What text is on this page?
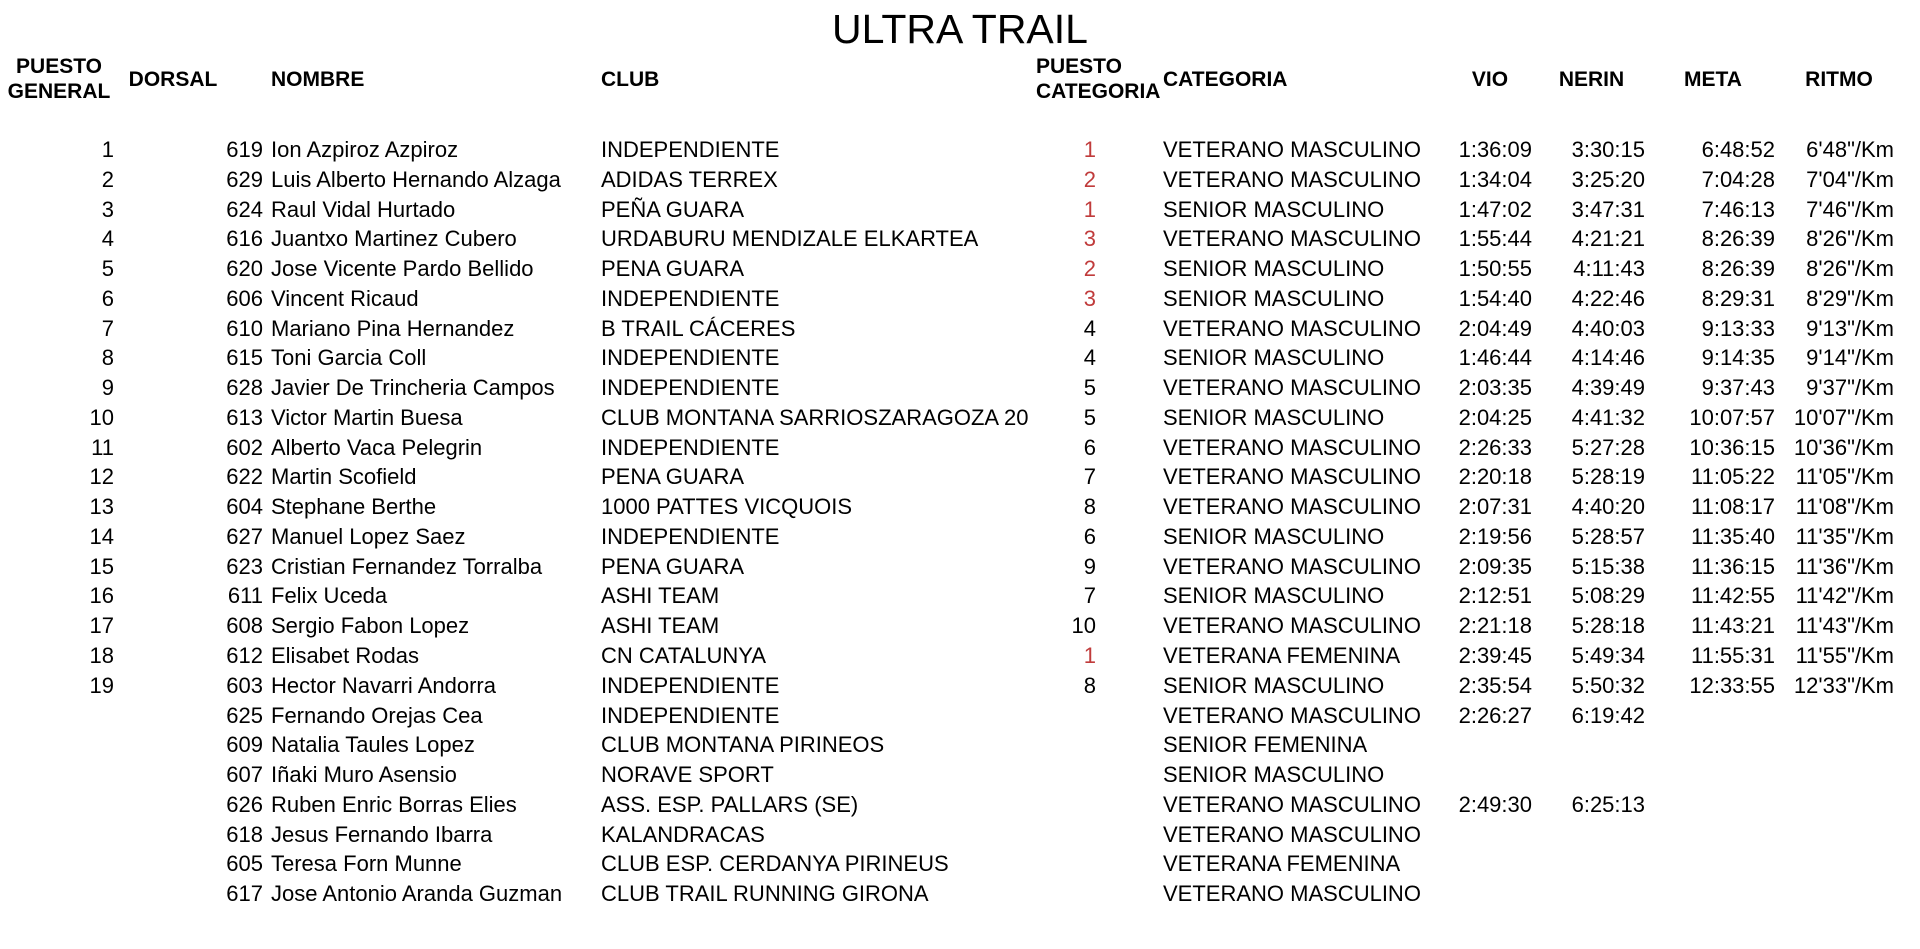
ULTRA TRAIL
PUESTO GENERAL
DORSAL	NOMBRE	CLUB
PUESTO CATEGORIA
CATEGORIA	VIO	NERIN	META	RITMO
1	619 Ion Azpiroz Azpiroz	INDEPENDIENTE	1	VETERANO MASCULINO	1:36:09	3:30:15	6:48:52	6'48"/Km
2	629 Luis Alberto Hernando Alzaga	ADIDAS TERREX	2	VETERANO MASCULINO	1:34:04	3:25:20	7:04:28	7'04"/Km
3	624 Raul Vidal Hurtado	PEÑA GUARA	1	SENIOR MASCULINO	1:47:02	3:47:31	7:46:13	7'46"/Km
4	616 Juantxo Martinez Cubero	URDABURU MENDIZALE ELKARTEA	3	VETERANO MASCULINO	1:55:44	4:21:21	8:26:39	8'26"/Km
5	620 Jose Vicente Pardo Bellido	PENA GUARA	2	SENIOR MASCULINO	1:50:55	4:11:43	8:26:39	8'26"/Km
6	606 Vincent Ricaud	INDEPENDIENTE	3	SENIOR MASCULINO	1:54:40	4:22:46	8:29:31	8'29"/Km
7	610 Mariano Pina Hernandez	B TRAIL CÁCERES	4	VETERANO MASCULINO	2:04:49	4:40:03	9:13:33	9'13"/Km
8	615 Toni Garcia Coll	INDEPENDIENTE	4	SENIOR MASCULINO	1:46:44	4:14:46	9:14:35	9'14"/Km
9	628 Javier De Trincheria Campos	INDEPENDIENTE	5	VETERANO MASCULINO	2:03:35	4:39:49	9:37:43	9'37"/Km
10	613 Victor Martin Buesa	CLUB MONTANA SARRIOSZARAGOZA 20	5	SENIOR MASCULINO	2:04:25	4:41:32	10:07:57 10'07"/Km
11	602 Alberto Vaca Pelegrin	INDEPENDIENTE	6	VETERANO MASCULINO	2:26:33	5:27:28	10:36:15 10'36"/Km
12	622 Martin Scofield	PENA GUARA	7	VETERANO MASCULINO	2:20:18	5:28:19	11:05:22 11'05"/Km
13	604 Stephane Berthe	1000 PATTES VICQUOIS	8	VETERANO MASCULINO	2:07:31	4:40:20	11:08:17 11'08"/Km
14	627 Manuel Lopez Saez	INDEPENDIENTE	6	SENIOR MASCULINO	2:19:56	5:28:57	11:35:40 11'35"/Km
15	623 Cristian Fernandez Torralba	PENA GUARA	9	VETERANO MASCULINO	2:09:35	5:15:38	11:36:15 11'36"/Km
16	611 Felix Uceda	ASHI TEAM	7	SENIOR MASCULINO	2:12:51	5:08:29	11:42:55 11'42"/Km
17	608 Sergio Fabon Lopez	ASHI TEAM	10	VETERANO MASCULINO	2:21:18	5:28:18	11:43:21 11'43"/Km
18	612 Elisabet Rodas	CN CATALUNYA	1	VETERANA FEMENINA	2:39:45	5:49:34	11:55:31 11'55"/Km
19	603 Hector Navarri Andorra	INDEPENDIENTE	8	SENIOR MASCULINO	2:35:54	5:50:32	12:33:55 12'33"/Km
625 Fernando Orejas Cea	INDEPENDIENTE	VETERANO MASCULINO	2:26:27	6:19:42
609 Natalia Taules Lopez	CLUB MONTANA PIRINEOS	SENIOR FEMENINA
607 Iñaki Muro Asensio	NORAVE SPORT	SENIOR MASCULINO
626 Ruben Enric Borras Elies	ASS. ESP. PALLARS (SE)	VETERANO MASCULINO	2:49:30	6:25:13
618 Jesus Fernando Ibarra	KALANDRACAS	VETERANO MASCULINO
605 Teresa Forn Munne	CLUB ESP. CERDANYA PIRINEUS	VETERANA FEMENINA
617 Jose Antonio Aranda Guzman	CLUB TRAIL RUNNING GIRONA	VETERANO MASCULINO
